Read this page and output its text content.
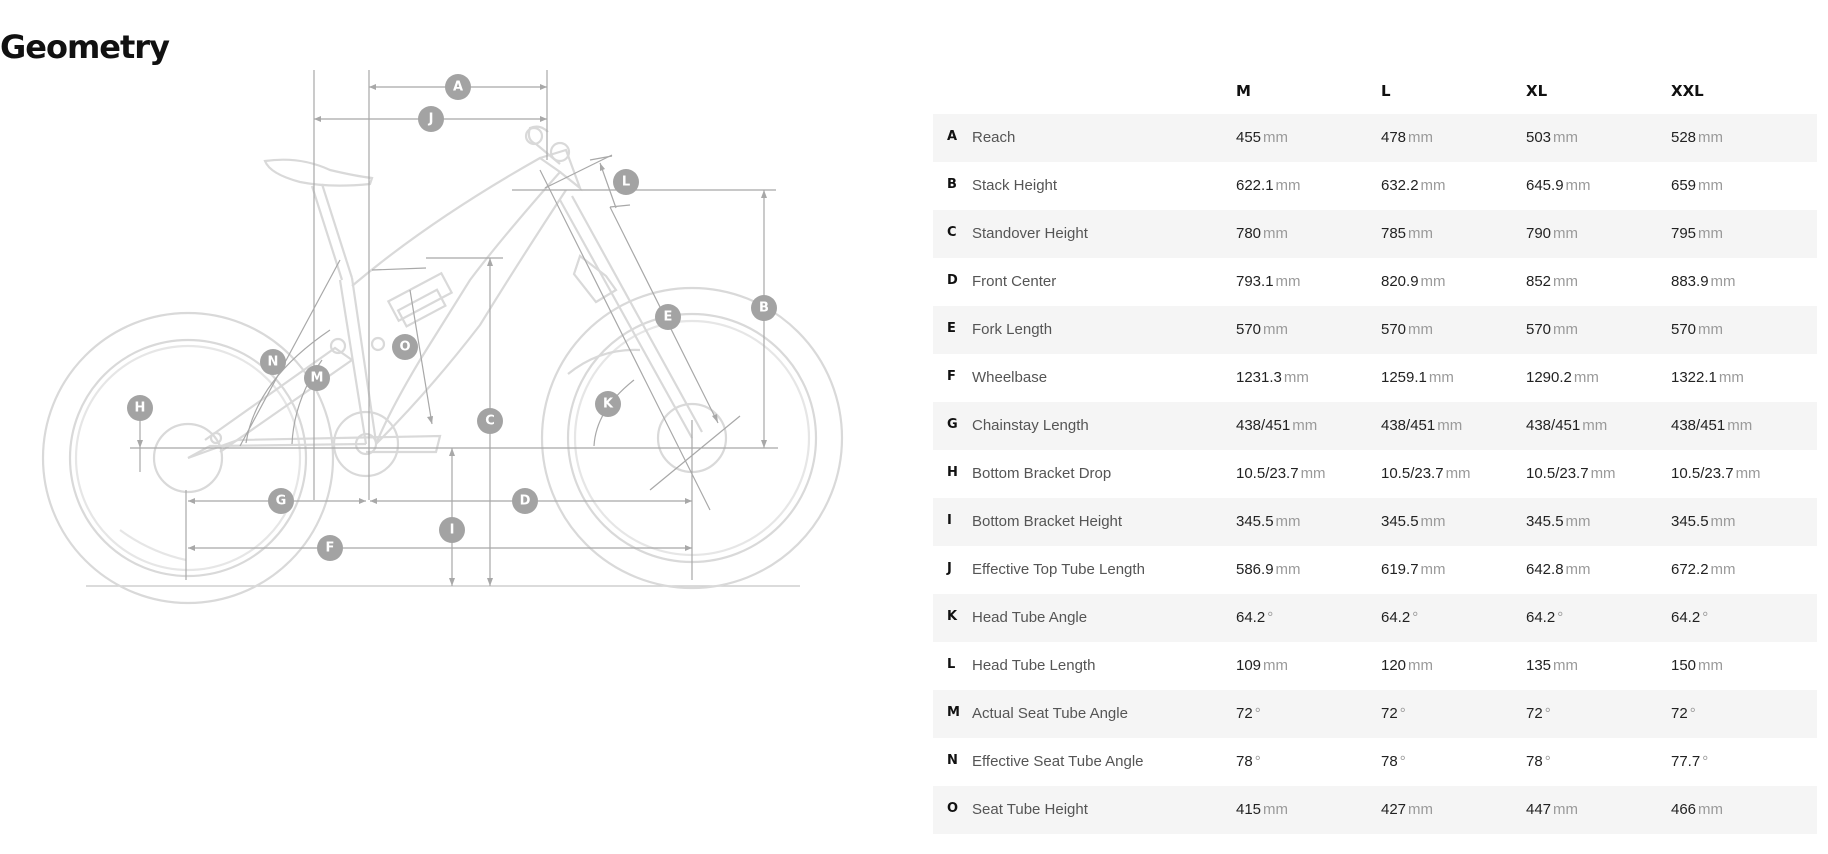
Geometry
A
J
L
B
E
O
N
M
H	K
C
G	D
I
F
M	L	XL	XXL
A Reach	455 mm	478 mm	503 mm	528 mm
B Stack Height	622.1 mm	632.2 mm	645.9 mm	659 mm
C Standover Height	780 mm	785 mm	790 mm	795 mm
D Front Center	793.1 mm	820.9 mm	852 mm	883.9 mm
E Fork Length	570 mm	570 mm	570 mm	570 mm
F Wheelbase	1231.3 mm	1259.1 mm	1290.2 mm	1322.1 mm
G Chainstay Length	438/451 mm	438/451 mm	438/451 mm	438/451 mm
H Bottom Bracket Drop	10.5/23.7 mm	10.5/23.7 mm	10.5/23.7 mm	10.5/23.7 mm
I Bottom Bracket Height	345.5 mm	345.5 mm	345.5 mm	345.5 mm
J Effective Top Tube Length	586.9 mm	619.7 mm	642.8 mm	672.2 mm
K Head Tube Angle	64.2 °	64.2 °	64.2 °	64.2 °
L Head Tube Length	109 mm	120 mm	135 mm	150 mm
M Actual Seat Tube Angle	72 °	72 °	72 °	72 °
N Effective Seat Tube Angle	78 °	78 °	78 °	77.7 °
O Seat Tube Height	415 mm	427 mm	447 mm	466 mm
